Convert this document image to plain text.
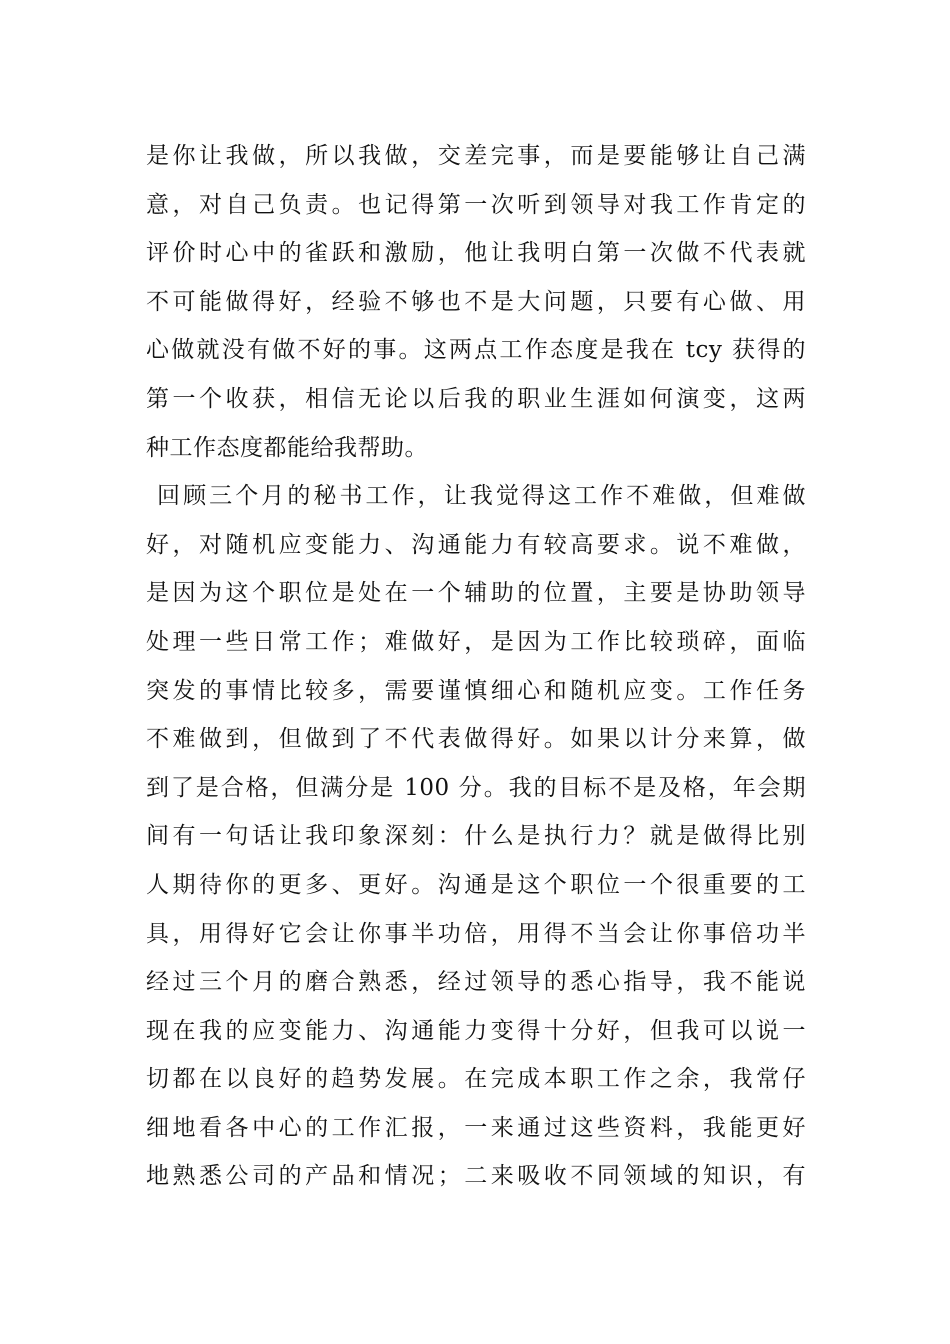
是你让我做，所以我做，交差完事，而是要能够让自己满
意，对自己负责。也记得第一次听到领导对我工作肯定的
评价时心中的雀跃和激励，他让我明白第一次做不代表就
不可能做得好，经验不够也不是大问题，只要有心做、用
心做就没有做不好的事。这两点工作态度是我在 tcy 获得的
第一个收获，相信无论以后我的职业生涯如何演变，这两
种工作态度都能给我帮助。
回顾三个月的秘书工作，让我觉得这工作不难做，但难做
好，对随机应变能力、沟通能力有较高要求。说不难做，
是因为这个职位是处在一个辅助的位置，主要是协助领导
处理一些日常工作；难做好，是因为工作比较琐碎，面临
突发的事情比较多，需要谨慎细心和随机应变。工作任务
不难做到，但做到了不代表做得好。如果以计分来算，做
到了是合格，但满分是 100 分。我的目标不是及格，年会期
间有一句话让我印象深刻：什么是执行力？就是做得比别
人期待你的更多、更好。沟通是这个职位一个很重要的工
具，用得好它会让你事半功倍，用得不当会让你事倍功半
经过三个月的磨合熟悉，经过领导的悉心指导，我不能说
现在我的应变能力、沟通能力变得十分好，但我可以说一
切都在以良好的趋势发展。在完成本职工作之余，我常仔
细地看各中心的工作汇报，一来通过这些资料，我能更好
地熟悉公司的产品和情况；二来吸收不同领域的知识，有
